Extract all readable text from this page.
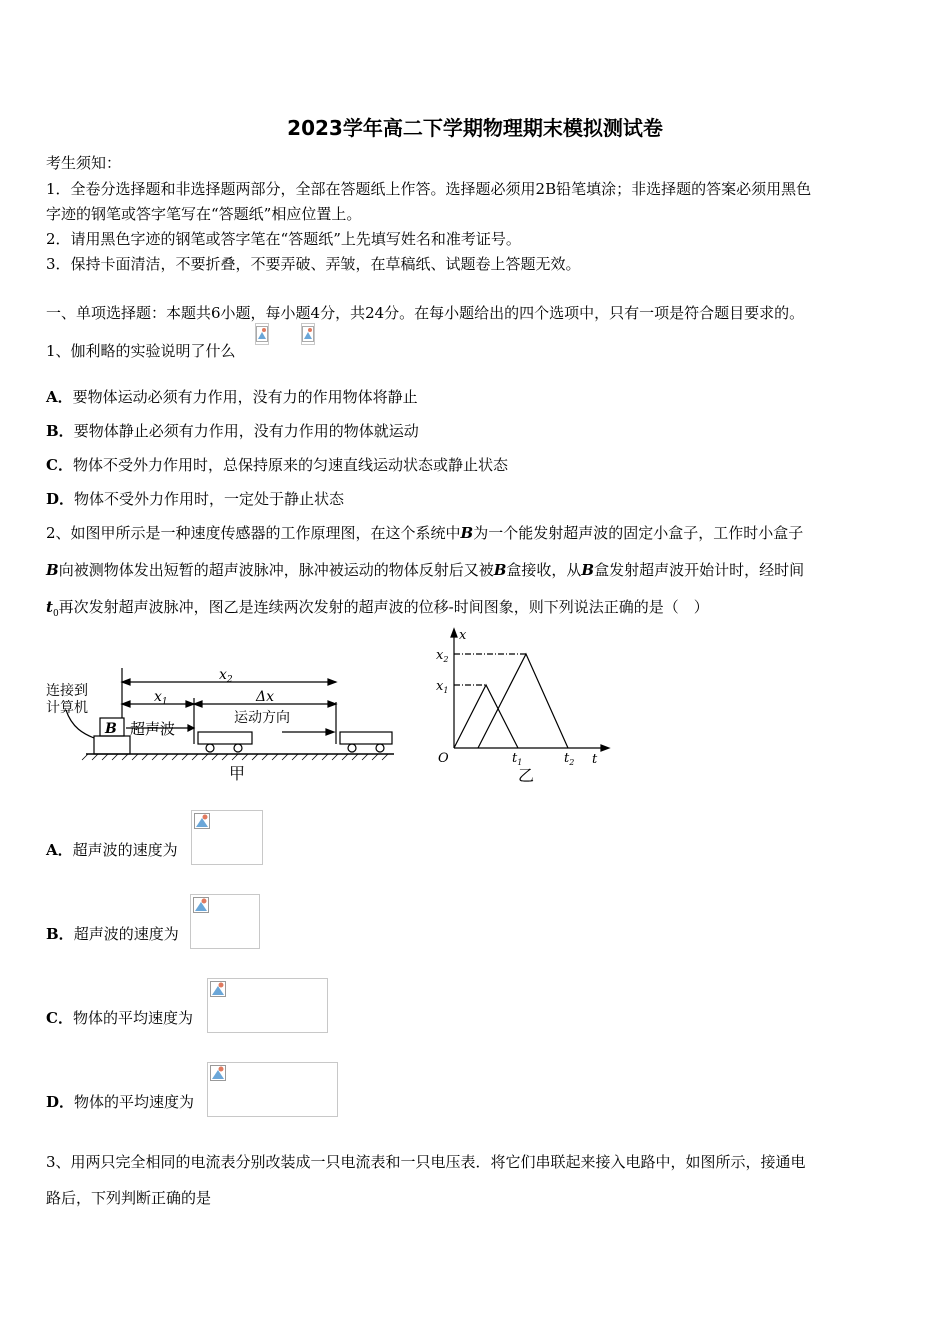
2023学年高二下学期物理期末模拟测试卷
考生须知：
1．全卷分选择题和非选择题两部分，全部在答题纸上作答。选择题必须用2B铅笔填涂；非选择题的答案必须用黑色
字迹的钢笔或答字笔写在“答题纸”相应位置上。
2．请用黑色字迹的钢笔或答字笔在“答题纸”上先填写姓名和准考证号。
3．保持卡面清洁，不要折叠，不要弄破、弄皱，在草稿纸、试题卷上答题无效。
一、单项选择题：本题共6小题，每小题4分，共24分。在每小题给出的四个选项中，只有一项是符合题目要求的。
1、伽利略的实验说明了什么
A．要物体运动必须有力作用，没有力的作用物体将静止
B．要物体静止必须有力作用，没有力作用的物体就运动
C．物体不受外力作用时，总保持原来的匀速直线运动状态或静止状态
D．物体不受外力作用时，一定处于静止状态
2、如图甲所示是一种速度传感器的工作原理图，在这个系统中B为一个能发射超声波的固定小盒子，工作时小盒子
B向被测物体发出短暂的超声波脉冲，脉冲被运动的物体反射后又被B盒接收，从B盒发射超声波开始计时，经时间
$t_0$再次发射超声波脉冲，图乙是连续两次发射的超声波的位移-时间图象，则下列说法正确的是（　）
连接到
计算机
B 超声波
$x_2$
$x_1$	Δx
运动方向
甲
x
t
O
$x_2$
$x_1$
$t_1$	$t_2$
乙
A．超声波的速度为
B．超声波的速度为
C．物体的平均速度为
D．物体的平均速度为
3、用两只完全相同的电流表分别改装成一只电流表和一只电压表．将它们串联起来接入电路中，如图所示，接通电
路后，下列判断正确的是
